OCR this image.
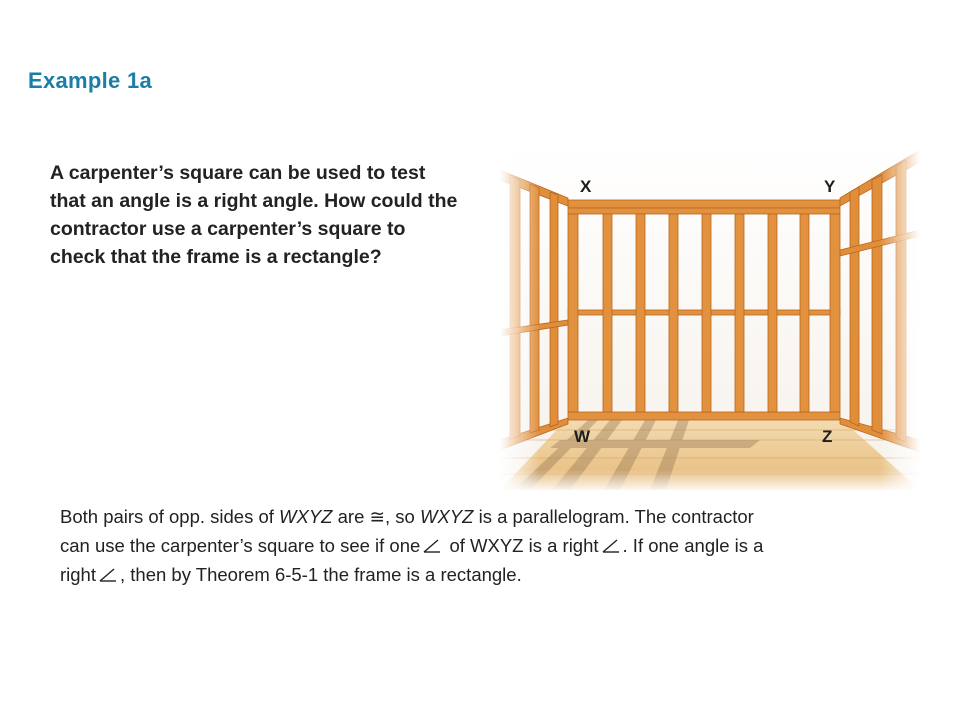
Example 1a
A carpenter’s square can be used to test
that an angle is a right angle. How could the
contractor use a carpenter’s square to
check that the frame is a rectangle?
X	Y
W	Z
Both pairs of opp. sides of WXYZ are ≅, so WXYZ is a parallelogram. The contractor
can use the carpenter’s square to see if one of WXYZ is a right . If one angle is a
right , then by Theorem 6-5-1 the frame is a rectangle.
